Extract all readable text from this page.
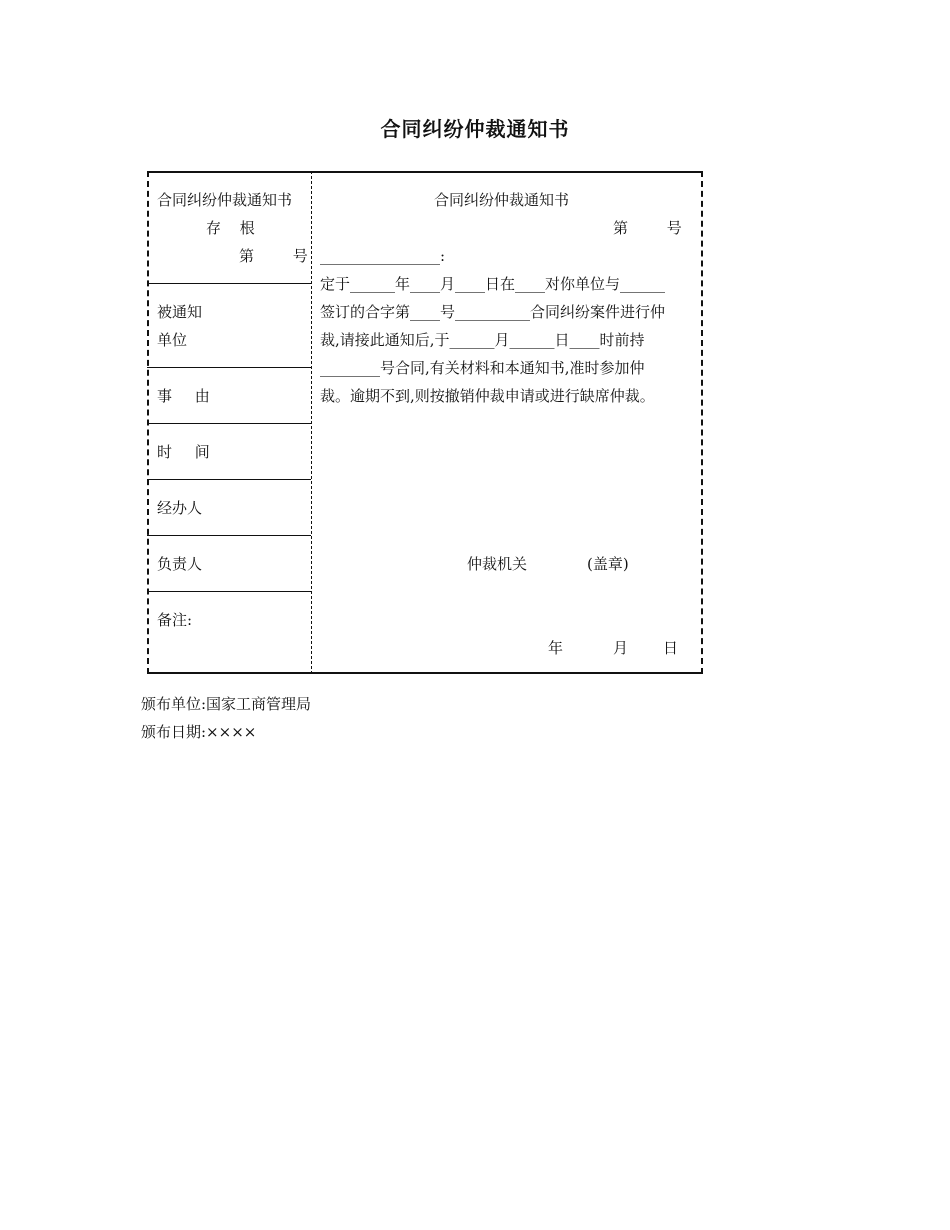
合同纠纷仲裁通知书
合同纠纷仲裁通知书
存 根
第 号
被通知
单位
事 由
时 间
经办人
负责人
备注:
合同纠纷仲裁通知书
第 号
________________:
定于______年____月____日在____对你单位与______
签订的合字第____号__________合同纠纷案件进行仲
裁,请接此通知后,于______月______日____时前持
________号合同,有关材料和本通知书,准时参加仲
裁。逾期不到,则按撤销仲裁申请或进行缺席仲裁。
仲裁机关	(盖章)
年	月 日
颁布单位:国家工商管理局
颁布日期:××××
